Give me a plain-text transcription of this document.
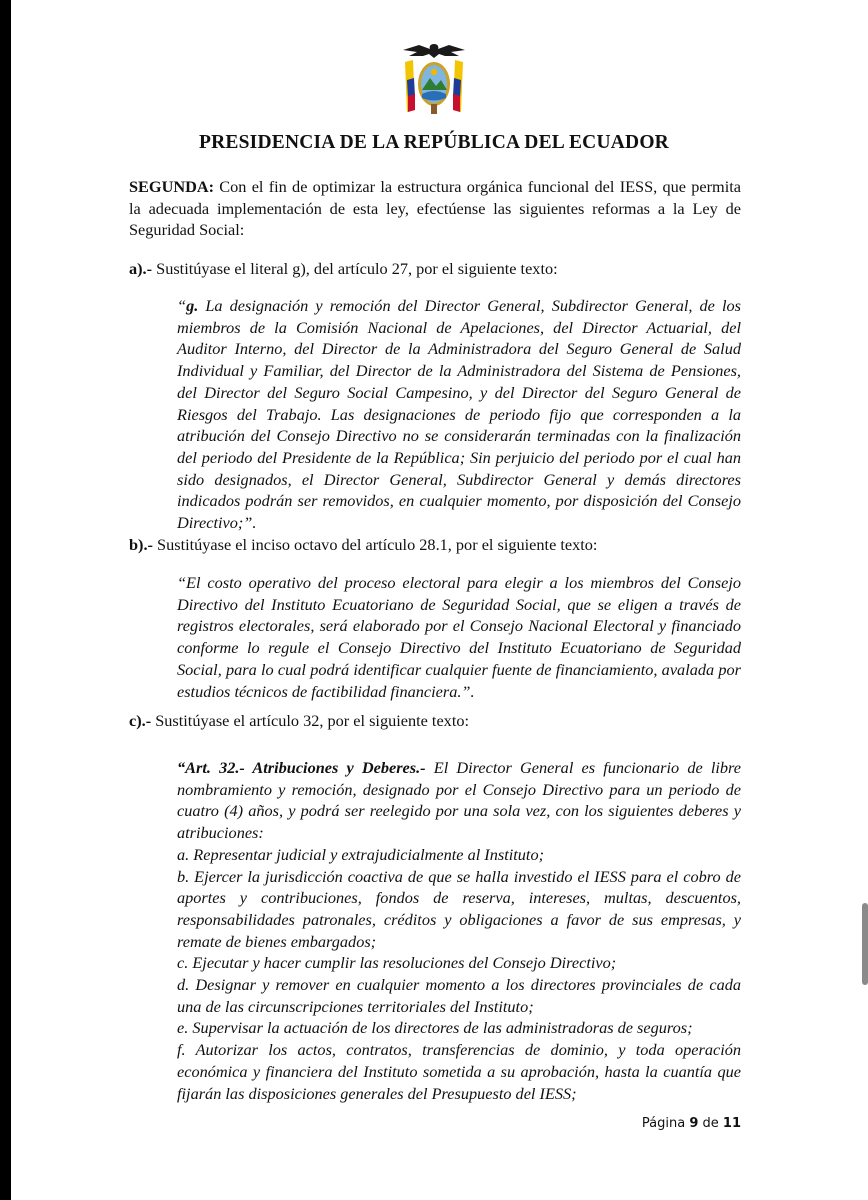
PRESIDENCIA DE LA REPÚBLICA DEL ECUADOR
SEGUNDA: Con el fin de optimizar la estructura orgánica funcional del IESS, que permita la adecuada implementación de esta ley, efectúense las siguientes reformas a la Ley de Seguridad Social:
a).- Sustitúyase el literal g), del artículo 27, por el siguiente texto:
“g. La designación y remoción del Director General, Subdirector General, de los miembros de la Comisión Nacional de Apelaciones, del Director Actuarial, del Auditor Interno, del Director de la Administradora del Seguro General de Salud Individual y Familiar, del Director de la Administradora del Sistema de Pensiones, del Director del Seguro Social Campesino, y del Director del Seguro General de Riesgos del Trabajo. Las designaciones de periodo fijo que corresponden a la atribución del Consejo Directivo no se considerarán terminadas con la finalización del periodo del Presidente de la República; Sin perjuicio del periodo por el cual han sido designados, el Director General, Subdirector General y demás directores indicados podrán ser removidos, en cualquier momento, por disposición del Consejo Directivo;”.
b).- Sustitúyase el inciso octavo del artículo 28.1, por el siguiente texto:
“El costo operativo del proceso electoral para elegir a los miembros del Consejo Directivo del Instituto Ecuatoriano de Seguridad Social, que se eligen a través de registros electorales, será elaborado por el Consejo Nacional Electoral y financiado conforme lo regule el Consejo Directivo del Instituto Ecuatoriano de Seguridad Social, para lo cual podrá identificar cualquier fuente de financiamiento, avalada por estudios técnicos de factibilidad financiera.”.
c).- Sustitúyase el artículo 32, por el siguiente texto:

“Art. 32.- Atribuciones y Deberes.- El Director General es funcionario de libre nombramiento y remoción, designado por el Consejo Directivo para un periodo de cuatro (4) años, y podrá ser reelegido por una sola vez, con los siguientes deberes y atribuciones:

a. Representar judicial y extrajudicialmente al Instituto;

b. Ejercer la jurisdicción coactiva de que se halla investido el IESS para el cobro de aportes y contribuciones, fondos de reserva, intereses, multas, descuentos, responsabilidades patronales, créditos y obligaciones a favor de sus empresas, y remate de bienes embargados;

c. Ejecutar y hacer cumplir las resoluciones del Consejo Directivo;

d. Designar y remover en cualquier momento a los directores provinciales de cada una de las circunscripciones territoriales del Instituto;

e. Supervisar la actuación de los directores de las administradoras de seguros;

f. Autorizar los actos, contratos, transferencias de dominio, y toda operación económica y financiera del Instituto sometida a su aprobación, hasta la cuantía que fijarán las disposiciones generales del Presupuesto del IESS;

Página 9 de 11
